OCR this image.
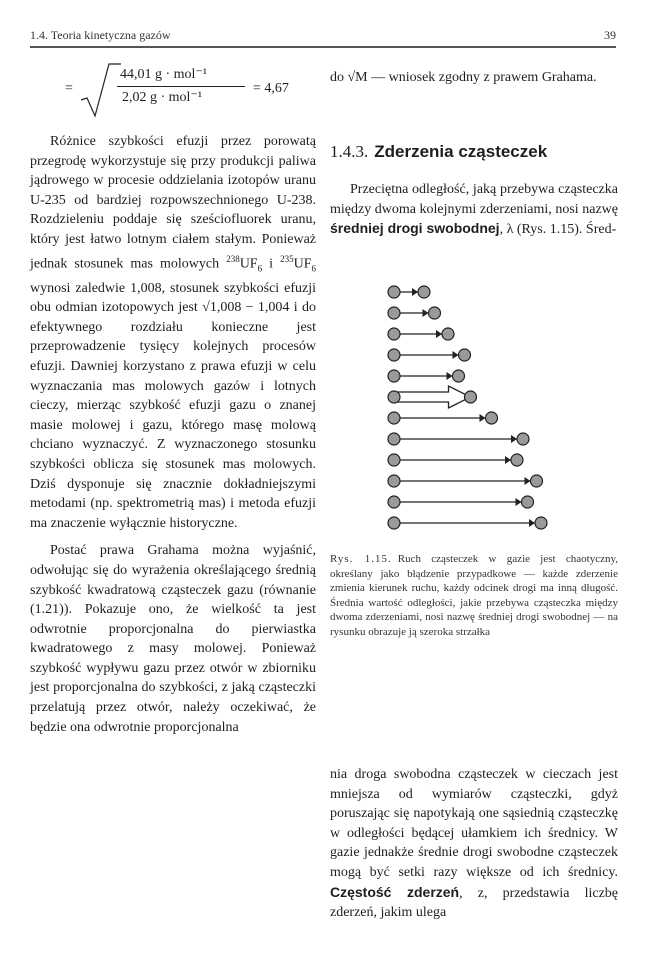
1.4. Teoria kinetyczna gazów	39
=
44,01 g · mol⁻¹
2,02 g · mol⁻¹
= 4,67

Różnice szybkości efuzji przez porowatą przegrodę wykorzystuje się przy produkcji paliwa jądrowego w procesie oddzielania izotopów uranu U-235 od bardziej rozpowszechnionego U-238. Rozdzieleniu poddaje się sześciofluorek uranu, który jest łatwo lotnym ciałem stałym. Ponieważ jednak stosunek mas molowych $^{238}UF_6$ i $^{235}UF_6$ wynosi zaledwie 1,008, stosunek szybkości efuzji obu odmian izotopowych jest √1,008 − 1,004 i do efektywnego rozdziału konieczne jest przeprowadzenie tysięcy kolejnych procesów efuzji. Dawniej korzystano z prawa efuzji w celu wyznaczania mas molowych gazów i lotnych cieczy, mierząc szybkość efuzji gazu o znanej masie molowej i gazu, którego masę molową chciano wyznaczyć. Z wyznaczonego stosunku szybkości oblicza się stosunek mas molowych. Dziś dysponuje się znacznie dokładniejszymi metodami (np. spektrometrią mas) i metoda efuzji ma znaczenie wyłącznie historyczne.

Postać prawa Grahama można wyjaśnić, odwołując się do wyrażenia określającego średnią szybkość kwadratową cząsteczek gazu (równanie (1.21)). Pokazuje ono, że wielkość ta jest odwrotnie proporcjonalna do pierwiastka kwadratowego z masy molowej. Ponieważ szybkość wypływu gazu przez otwór w zbiorniku jest proporcjonalna do szybkości, z jaką cząsteczki przelatują przez otwór, należy oczekiwać, że będzie ona odwrotnie proporcjonalna

do √M — wniosek zgodny z prawem Grahama.
1.4.3. Zderzenia cząsteczek

Przeciętna odległość, jaką przebywa cząsteczka między dwoma kolejnymi zderzeniami, nosi nazwę średniej drogi swobodnej, λ (Rys. 1.15). Śred-

Rys. 1.15. Ruch cząsteczek w gazie jest chaotyczny, określany jako błądzenie przypadkowe — każde zderzenie zmienia kierunek ruchu, każdy odcinek drogi ma inną długość. Średnia wartość odległości, jakie przebywa cząsteczka między dwoma zderzeniami, nosi nazwę średniej drogi swobodnej — na rysunku obrazuje ją szeroka strzałka

nia droga swobodna cząsteczek w cieczach jest mniejsza od wymiarów cząsteczki, gdyż poruszając się napotykają one sąsiednią cząsteczkę w odległości będącej ułamkiem ich średnicy. W gazie jednakże średnie drogi swobodne cząsteczek mogą być setki razy większe od ich średnicy. Częstość zderzeń, z, przedstawia liczbę zderzeń, jakim ulega
